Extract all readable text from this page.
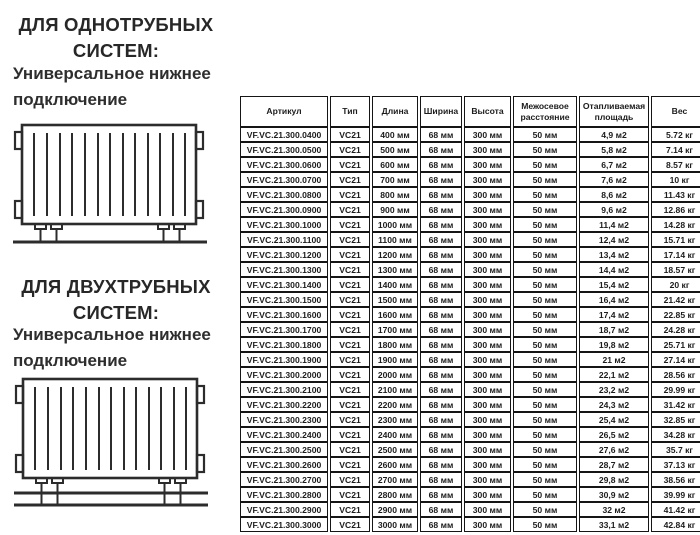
ДЛЯ ОДНОТРУБНЫХ СИСТЕМ:
Универсальное нижнее подключение
ДЛЯ ДВУХТРУБНЫХ СИСТЕМ:
Универсальное нижнее подключение
Артикул	Тип	Длина	Ширина	Высота	Межосевое расстояние	Отапливаемая площадь	Вес
VF.VC.21.300.0400	VC21	400 мм	68 мм	300 мм	50 мм	4,9 м2	5.72 кг
VF.VC.21.300.0500	VC21	500 мм	68 мм	300 мм	50 мм	5,8 м2	7.14 кг
VF.VC.21.300.0600	VC21	600 мм	68 мм	300 мм	50 мм	6,7 м2	8.57 кг
VF.VC.21.300.0700	VC21	700 мм	68 мм	300 мм	50 мм	7,6 м2	10 кг
VF.VC.21.300.0800	VC21	800 мм	68 мм	300 мм	50 мм	8,6 м2	11.43 кг
VF.VC.21.300.0900	VC21	900 мм	68 мм	300 мм	50 мм	9,6 м2	12.86 кг
VF.VC.21.300.1000	VC21	1000 мм	68 мм	300 мм	50 мм	11,4 м2	14.28 кг
VF.VC.21.300.1100	VC21	1100 мм	68 мм	300 мм	50 мм	12,4 м2	15.71 кг
VF.VC.21.300.1200	VC21	1200 мм	68 мм	300 мм	50 мм	13,4 м2	17.14 кг
VF.VC.21.300.1300	VC21	1300 мм	68 мм	300 мм	50 мм	14,4 м2	18.57 кг
VF.VC.21.300.1400	VC21	1400 мм	68 мм	300 мм	50 мм	15,4 м2	20 кг
VF.VC.21.300.1500	VC21	1500 мм	68 мм	300 мм	50 мм	16,4 м2	21.42 кг
VF.VC.21.300.1600	VC21	1600 мм	68 мм	300 мм	50 мм	17,4 м2	22.85 кг
VF.VC.21.300.1700	VC21	1700 мм	68 мм	300 мм	50 мм	18,7 м2	24.28 кг
VF.VC.21.300.1800	VC21	1800 мм	68 мм	300 мм	50 мм	19,8 м2	25.71 кг
VF.VC.21.300.1900	VC21	1900 мм	68 мм	300 мм	50 мм	21 м2	27.14 кг
VF.VC.21.300.2000	VC21	2000 мм	68 мм	300 мм	50 мм	22,1 м2	28.56 кг
VF.VC.21.300.2100	VC21	2100 мм	68 мм	300 мм	50 мм	23,2 м2	29.99 кг
VF.VC.21.300.2200	VC21	2200 мм	68 мм	300 мм	50 мм	24,3 м2	31.42 кг
VF.VC.21.300.2300	VC21	2300 мм	68 мм	300 мм	50 мм	25,4 м2	32.85 кг
VF.VC.21.300.2400	VC21	2400 мм	68 мм	300 мм	50 мм	26,5 м2	34.28 кг
VF.VC.21.300.2500	VC21	2500 мм	68 мм	300 мм	50 мм	27,6 м2	35.7 кг
VF.VC.21.300.2600	VC21	2600 мм	68 мм	300 мм	50 мм	28,7 м2	37.13 кг
VF.VC.21.300.2700	VC21	2700 мм	68 мм	300 мм	50 мм	29,8 м2	38.56 кг
VF.VC.21.300.2800	VC21	2800 мм	68 мм	300 мм	50 мм	30,9 м2	39.99 кг
VF.VC.21.300.2900	VC21	2900 мм	68 мм	300 мм	50 мм	32 м2	41.42 кг
VF.VC.21.300.3000	VC21	3000 мм	68 мм	300 мм	50 мм	33,1 м2	42.84 кг
